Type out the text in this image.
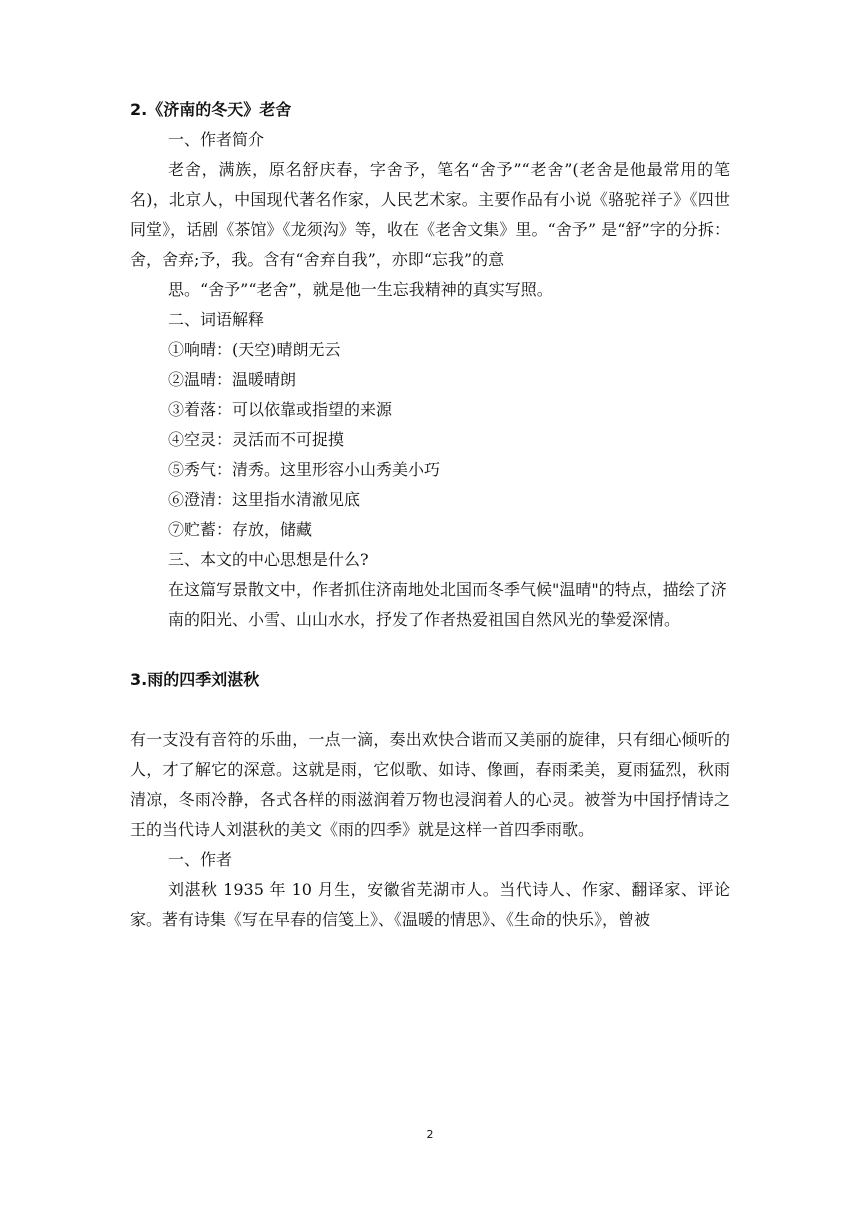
2.《济南的冬天》老舍

一、作者简介

老舍，满族，原名舒庆春，字舍予，笔名“舍予”“老舍”(老舍是他最常用的笔名)，北京人，中国现代著名作家，人民艺术家。主要作品有小说《骆驼祥子》《四世同堂》，话剧《茶馆》《龙须沟》等，收在《老舍文集》里。“舍予” 是“舒”字的分拆：舍，舍弃;予，我。含有“舍弃自我”，亦即“忘我”的意

思。“舍予”“老舍”，就是他一生忘我精神的真实写照。

二、词语解释

①响晴：(天空)晴朗无云

②温晴：温暖晴朗

③着落：可以依靠或指望的来源

④空灵：灵活而不可捉摸

⑤秀气：清秀。这里形容小山秀美小巧

⑥澄清：这里指水清澈见底

⑦贮蓄：存放，储藏

三、本文的中心思想是什么?

在这篇写景散文中，作者抓住济南地处北国而冬季气候"温晴"的特点，描绘了济

南的阳光、小雪、山山水水，抒发了作者热爱祖国自然风光的挚爱深情。

3.雨的四季刘湛秋

有一支没有音符的乐曲，一点一滴，奏出欢快合谐而又美丽的旋律，只有细心倾听的人，才了解它的深意。这就是雨，它似歌、如诗、像画，春雨柔美，夏雨猛烈，秋雨清凉，冬雨冷静，各式各样的雨滋润着万物也浸润着人的心灵。被誉为中国抒情诗之王的当代诗人刘湛秋的美文《雨的四季》就是这样一首四季雨歌。

一、作者

刘湛秋 1935 年 10 月生，安徽省芜湖市人。当代诗人、作家、翻译家、评论家。著有诗集《写在早春的信笺上》、《温暖的情思》、《生命的快乐》，曾被

2
